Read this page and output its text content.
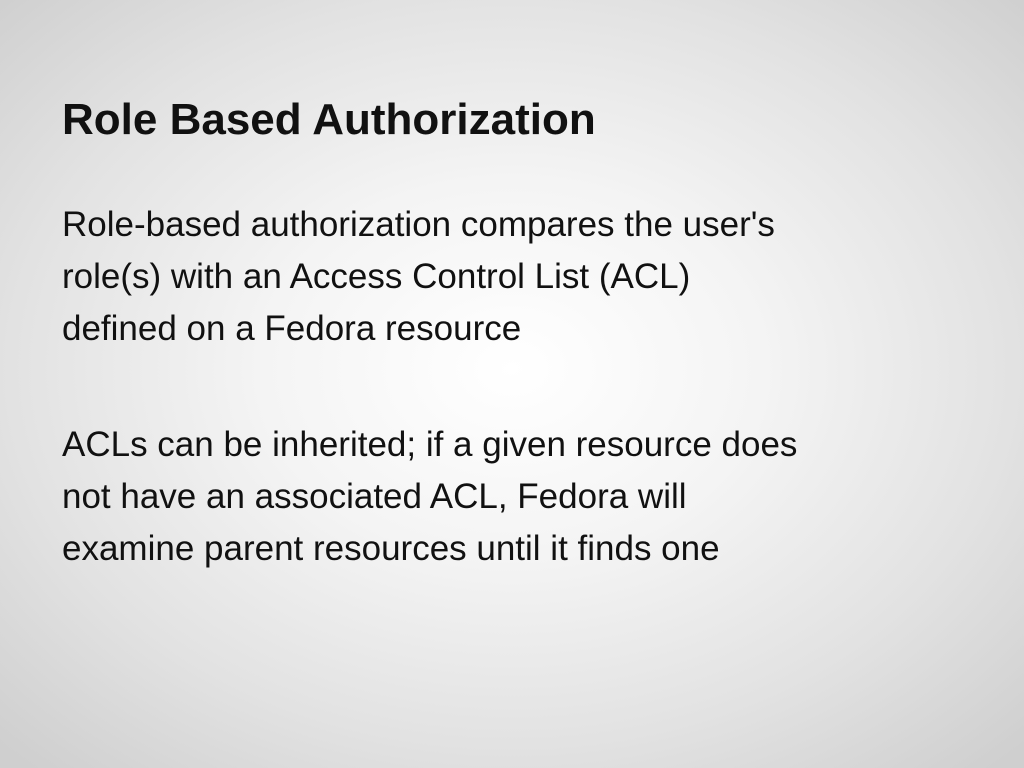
Role Based Authorization

Role-based authorization compares the user's
role(s) with an Access Control List (ACL)
defined on a Fedora resource

ACLs can be inherited; if a given resource does
not have an associated ACL, Fedora will
examine parent resources until it finds one
